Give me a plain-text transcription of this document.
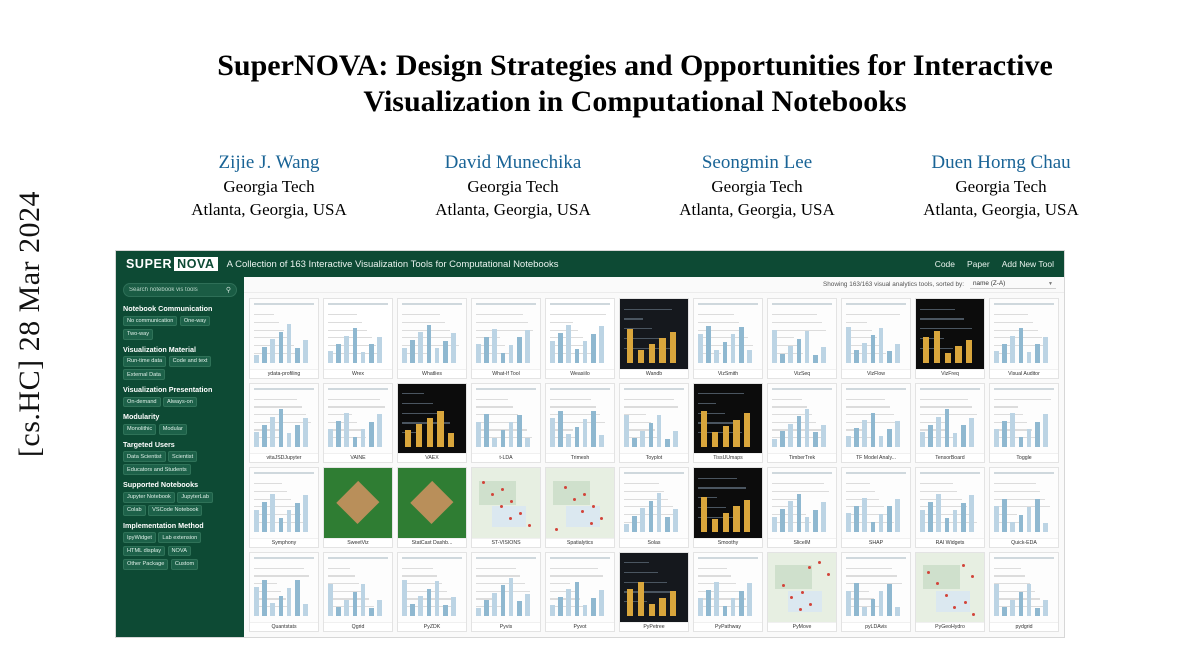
[cs.HC] 28 Mar 2024
SuperNOVA: Design Strategies and Opportunities for Interactive
Visualization in Computational Notebooks
Zijie J. Wang
Georgia Tech
Atlanta, Georgia, USA
David Munechika
Georgia Tech
Atlanta, Georgia, USA
Seongmin Lee
Georgia Tech
Atlanta, Georgia, USA
Duen Horng Chau
Georgia Tech
Atlanta, Georgia, USA
SUPER NOVA	A Collection of 163 Interactive Visualization Tools for Computational Notebooks	Code Paper Add New Tool
Search notebook vis tools	⚲
Notebook Communication
No communication	One-way
Two-way
Visualization Material
Run-time data	Code and text
External Data
Visualization Presentation
On-demand	Always-on
Modularity
Monolithic	Modular
Targeted Users
Data Scientist	Scientist
Educators and Students
Supported Notebooks
Jupyter Notebook	JupyterLab
Colab	VSCode Notebook
Implementation Method
IpyWidget	Lab extension
HTML display	NOVA
Other Package	Custom
Showing 163/163 visual analytics tools, sorted by:	name (Z-A)	▼
ydata-profiling	Wrex	Whatlies	What-If Tool	Weasiilo	Wandb	VizSmith	VizSeq	VizFlow	VizFreq	Visual Auditor
vitaJSDJupyter	VAINE	VAEX	t-LDA	Trimesh	Toyplot	TissUUmaps	TimberTrek	TF Model Analy...	TensorBoard	Toggle
Symphony	SweetViz	StatCast Dashb...	ST-VISIONS	Spatialytics	Solas	Smoothy	SliceIM	SHAP	RAI Widgets	Quick-EDA
Quantstats	Qgrid	PyZDK	Pyvis	Pyvot	PyPetree	PyPathway	PyMove	pyLDAvis	PyGeoHydro	pydgrid
